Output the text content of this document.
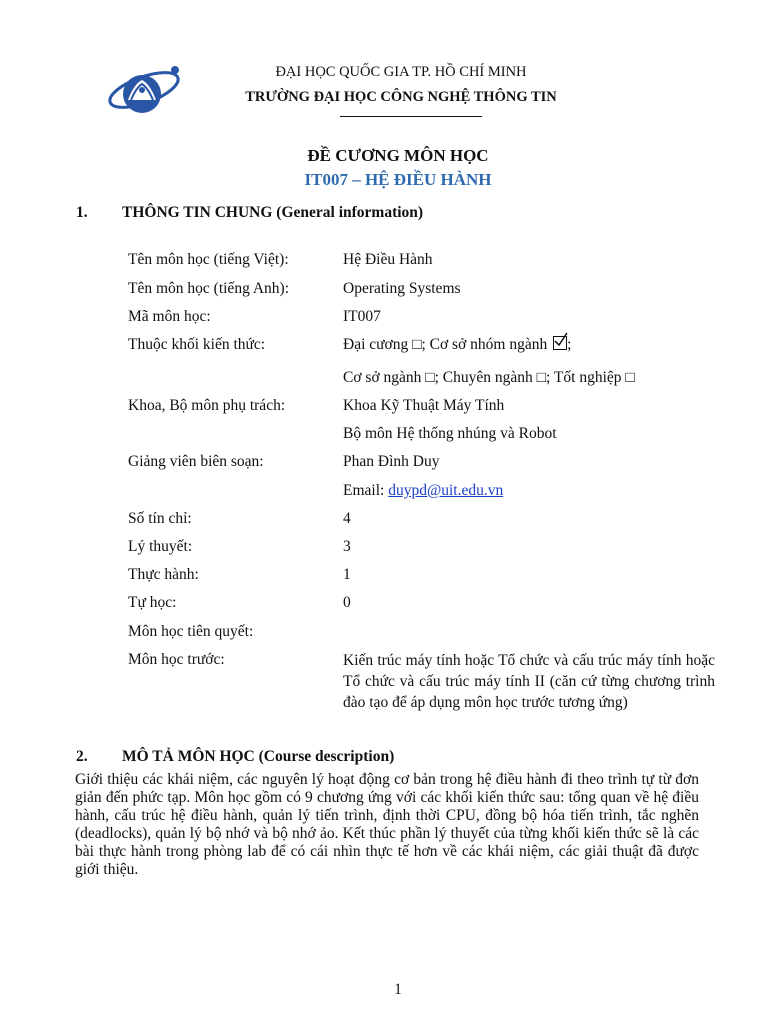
ĐẠI HỌC QUỐC GIA TP. HỒ CHÍ MINH
TRƯỜNG ĐẠI HỌC CÔNG NGHỆ THÔNG TIN
ĐỀ CƯƠNG MÔN HỌC
IT007 – HỆ ĐIỀU HÀNH
1. THÔNG TIN CHUNG (General information)
Tên môn học (tiếng Việt):	Hệ Điều Hành
Tên môn học (tiếng Anh):	Operating Systems
Mã môn học:	IT007
Thuộc khối kiến thức:	Đại cương □; Cơ sở nhóm ngành ;
Cơ sở ngành □; Chuyên ngành □; Tốt nghiệp □
Khoa, Bộ môn phụ trách:	Khoa Kỹ Thuật Máy Tính
Bộ môn Hệ thống nhúng và Robot
Giảng viên biên soạn:	Phan Đình Duy
Email: duypd@uit.edu.vn
Số tín chỉ:	4
Lý thuyết:	3
Thực hành:	1
Tự học:	0
Môn học tiên quyết:
Môn học trước:	Kiến trúc máy tính hoặc Tổ chức và cấu trúc máy tính hoặc Tổ chức và cấu trúc máy tính II (căn cứ từng chương trình đào tạo để áp dụng môn học trước tương ứng)
2. MÔ TẢ MÔN HỌC (Course description)
Giới thiệu các khái niệm, các nguyên lý hoạt động cơ bản trong hệ điều hành đi theo trình tự từ đơn giản đến phức tạp. Môn học gồm có 9 chương ứng với các khối kiến thức sau: tổng quan về hệ điều hành, cấu trúc hệ điều hành, quản lý tiến trình, định thời CPU, đồng bộ hóa tiến trình, tắc nghẽn (deadlocks), quản lý bộ nhớ và bộ nhớ ảo. Kết thúc phần lý thuyết của từng khối kiến thức sẽ là các bài thực hành trong phòng lab để có cái nhìn thực tế hơn về các khái niệm, các giải thuật đã được giới thiệu.
1
